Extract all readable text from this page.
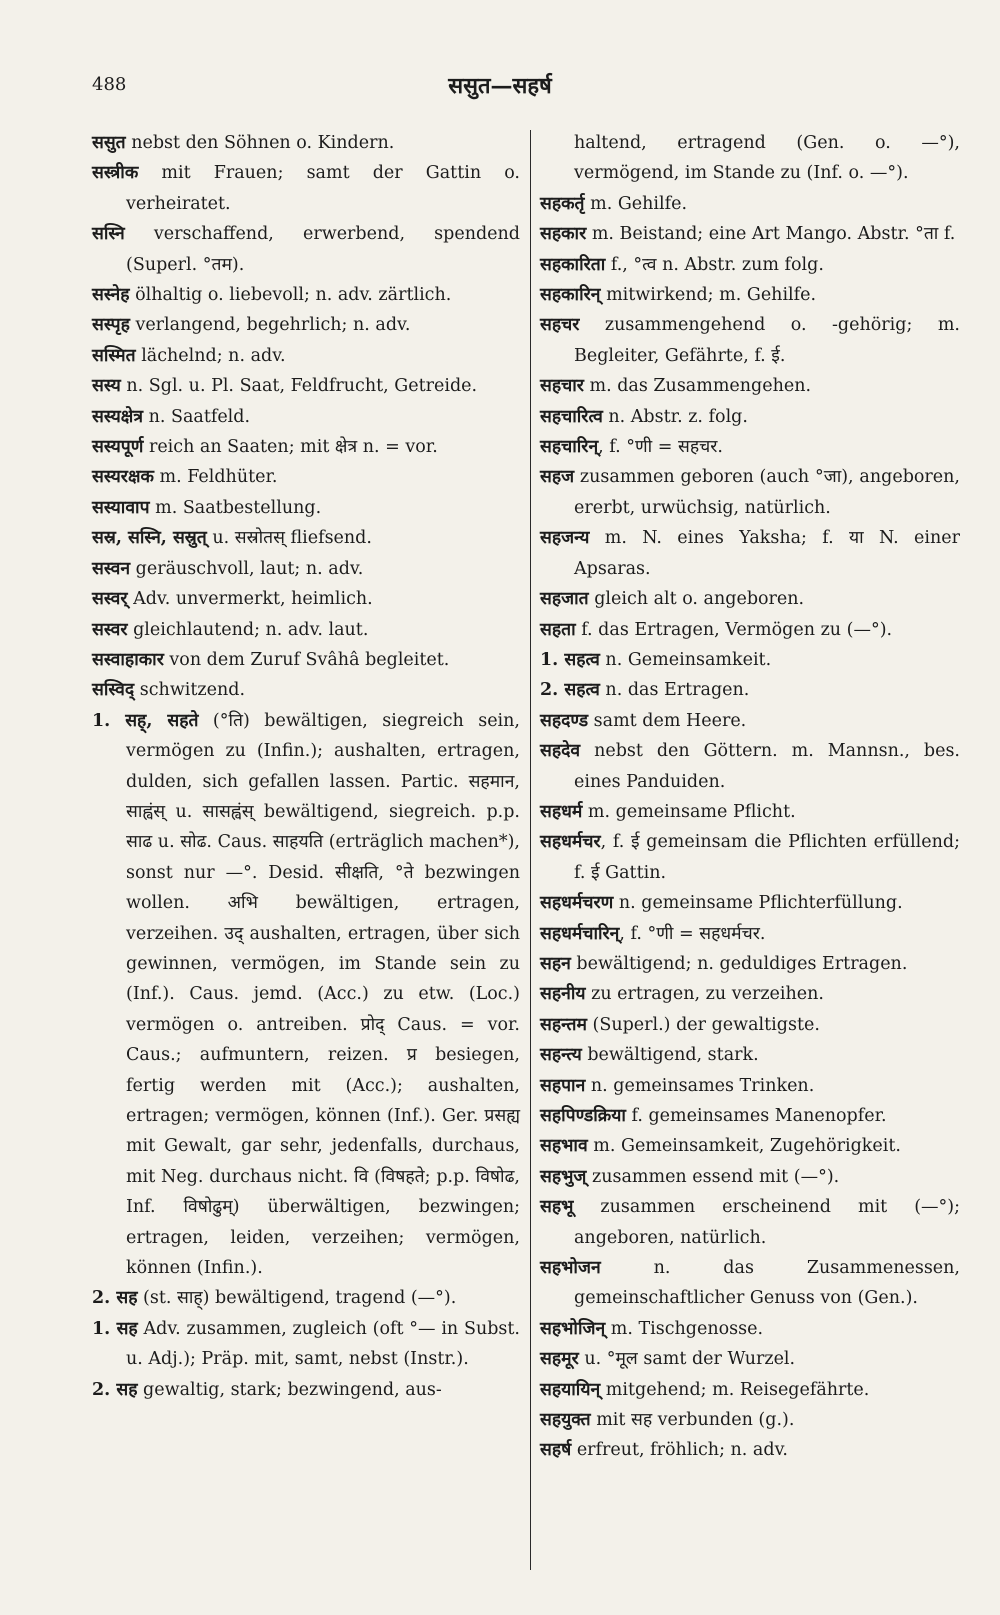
488	ससुत—सहर्ष
ससुत nebst den Söhnen o. Kindern.
सस्त्रीक mit Frauen; samt der Gattin o. verheiratet.
सस्नि verschaffend, erwerbend, spendend (Superl. °तम).
सस्नेह ölhaltig o. liebevoll; n. adv. zärtlich.
सस्पृह verlangend, begehrlich; n. adv.
सस्मित lächelnd; n. adv.
सस्य n. Sgl. u. Pl. Saat, Feldfrucht, Getreide.
सस्यक्षेत्र n. Saatfeld.
सस्यपूर्ण reich an Saaten; mit क्षेत्र n. = vor.
सस्यरक्षक m. Feldhüter.
सस्यावाप m. Saatbestellung.
सस्र, सस्नि, सस्रुत् u. सस्रोतस् fliefsend.
सस्वन geräuschvoll, laut; n. adv.
सस्वर् Adv. unvermerkt, heimlich.
सस्वर gleichlautend; n. adv. laut.
सस्वाहाकार von dem Zuruf Svâhâ begleitet.
सस्विद् schwitzend.
1. सह्, सहते (°ति) bewältigen, siegreich sein, vermögen zu (Infin.); aushalten, ertragen, dulden, sich gefallen lassen. Partic. सहमान, साह्वंस् u. सासह्वंस् bewältigend, siegreich. p.p. साढ u. सोढ. Caus. साहयति (erträglich machen*), sonst nur —°. Desid. सीक्षति, °ते bezwingen wollen. अभि bewältigen, ertragen, verzeihen. उद् aushalten, ertragen, über sich gewinnen, vermögen, im Stande sein zu (Inf.). Caus. jemd. (Acc.) zu etw. (Loc.) vermögen o. antreiben. प्रोद् Caus. = vor. Caus.; aufmuntern, reizen. प्र besiegen, fertig werden mit (Acc.); aushalten, ertragen; vermögen, können (Inf.). Ger. प्रसह्य mit Gewalt, gar sehr, jedenfalls, durchaus, mit Neg. durchaus nicht. वि (विषहते; p.p. विषोढ, Inf. विषोढुम्) überwältigen, bezwingen; ertragen, leiden, verzeihen; vermögen, können (Infin.).
2. सह (st. साह्) bewältigend, tragend (—°).
1. सह Adv. zusammen, zugleich (oft °— in Subst. u. Adj.); Präp. mit, samt, nebst (Instr.).
2. सह gewaltig, stark; bezwingend, aus-
haltend, ertragend (Gen. o. —°), vermögend, im Stande zu (Inf. o. —°).
सहकर्तृ m. Gehilfe.
सहकार m. Beistand; eine Art Mango. Abstr. °ता f.
सहकारिता f., °त्व n. Abstr. zum folg.
सहकारिन् mitwirkend; m. Gehilfe.
सहचर zusammengehend o. -gehörig; m. Begleiter, Gefährte, f. ई.
सहचार m. das Zusammengehen.
सहचारित्व n. Abstr. z. folg.
सहचारिन्, f. °णी = सहचर.
सहज zusammen geboren (auch °जा), angeboren, ererbt, urwüchsig, natürlich.
सहजन्य m. N. eines Yaksha; f. या N. einer Apsaras.
सहजात gleich alt o. angeboren.
सहता f. das Ertragen, Vermögen zu (—°).
1. सहत्व n. Gemeinsamkeit.
2. सहत्व n. das Ertragen.
सहदण्ड samt dem Heere.
सहदेव nebst den Göttern. m. Mannsn., bes. eines Panduiden.
सहधर्म m. gemeinsame Pflicht.
सहधर्मचर, f. ई gemeinsam die Pflichten erfüllend; f. ई Gattin.
सहधर्मचरण n. gemeinsame Pflichterfüllung.
सहधर्मचारिन्, f. °णी = सहधर्मचर.
सहन bewältigend; n. geduldiges Ertragen.
सहनीय zu ertragen, zu verzeihen.
सहन्तम (Superl.) der gewaltigste.
सहन्त्य bewältigend, stark.
सहपान n. gemeinsames Trinken.
सहपिण्डक्रिया f. gemeinsames Manenopfer.
सहभाव m. Gemeinsamkeit, Zugehörigkeit.
सहभुज् zusammen essend mit (—°).
सहभू zusammen erscheinend mit (—°); angeboren, natürlich.
सहभोजन n. das Zusammenessen, gemeinschaftlicher Genuss von (Gen.).
सहभोजिन् m. Tischgenosse.
सहमूर u. °मूल samt der Wurzel.
सहयायिन् mitgehend; m. Reisegefährte.
सहयुक्त mit सह verbunden (g.).
सहर्ष erfreut, fröhlich; n. adv.
